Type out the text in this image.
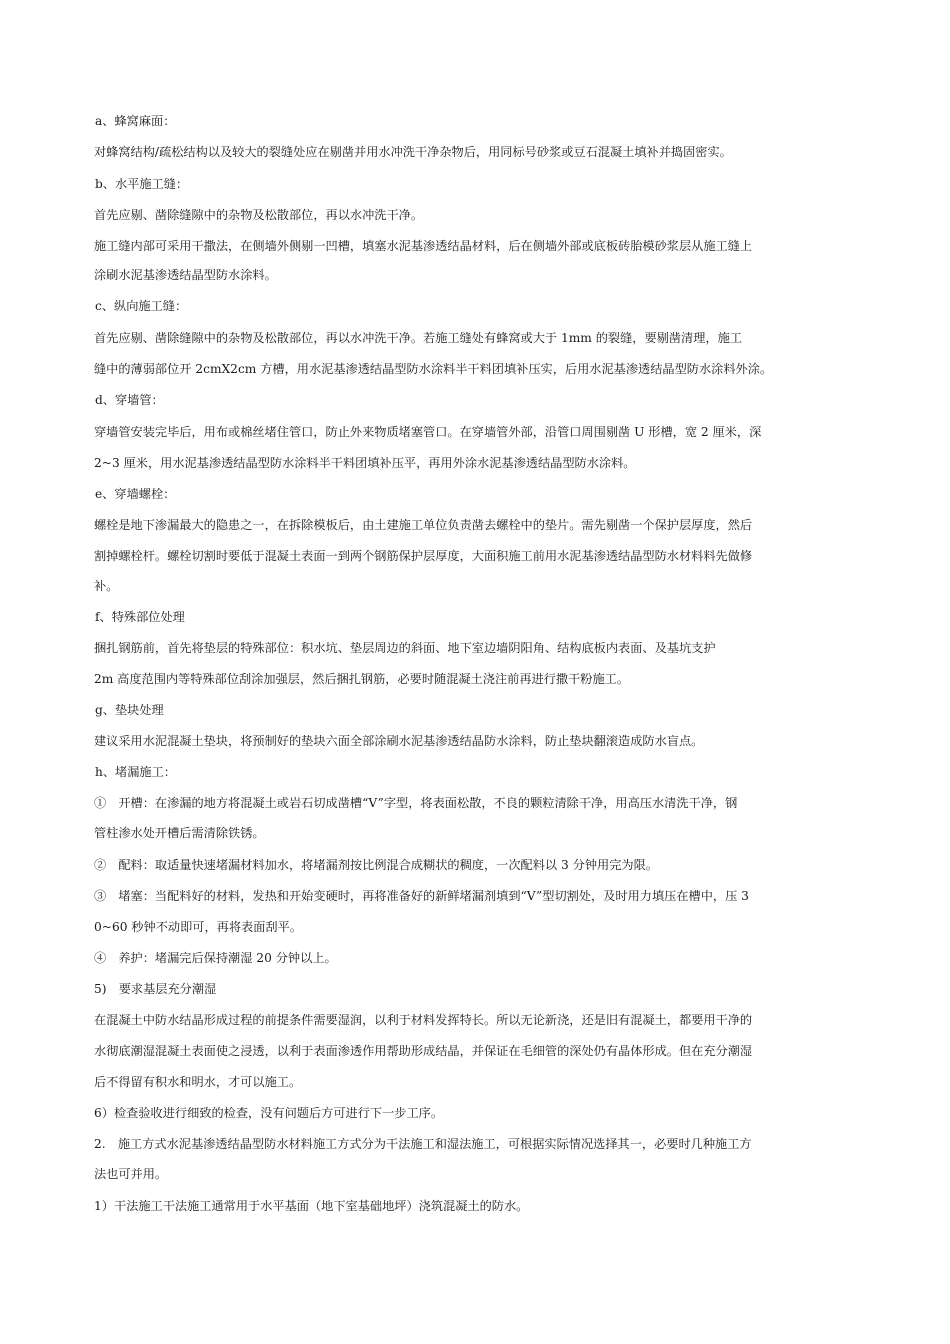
a、蜂窝麻面：
对蜂窝结构/疏松结构以及较大的裂缝处应在剔凿并用水冲洗干净杂物后，用同标号砂浆或豆石混凝土填补并捣固密实。
b、水平施工缝：
首先应剔、凿除缝隙中的杂物及松散部位，再以水冲洗干净。
施工缝内部可采用干撒法，在侧墙外侧剔一凹槽，填塞水泥基渗透结晶材料，后在侧墙外部或底板砖胎模砂浆层从施工缝上
涂刷水泥基渗透结晶型防水涂料。
c、纵向施工缝：
首先应剔、凿除缝隙中的杂物及松散部位，再以水冲洗干净。若施工缝处有蜂窝或大于 1mm 的裂缝，要剔凿清理，施工
缝中的薄弱部位开 2cmX2cm 方槽，用水泥基渗透结晶型防水涂料半干料团填补压实，后用水泥基渗透结晶型防水涂料外涂。
d、穿墙管：
穿墙管安装完毕后，用布或棉丝堵住管口，防止外来物质堵塞管口。在穿墙管外部，沿管口周围剔凿 U 形槽，宽 2 厘米，深
2~3 厘米，用水泥基渗透结晶型防水涂料半干料团填补压平，再用外涂水泥基渗透结晶型防水涂料。
e、穿墙螺栓：
螺栓是地下渗漏最大的隐患之一，在拆除模板后，由土建施工单位负责凿去螺栓中的垫片。需先剔凿一个保护层厚度，然后
割掉螺栓杆。螺栓切割时要低于混凝土表面一到两个钢筋保护层厚度，大面积施工前用水泥基渗透结晶型防水材料料先做修
补。
f、特殊部位处理
捆扎钢筋前，首先将垫层的特殊部位：积水坑、垫层周边的斜面、地下室边墙阴阳角、结构底板内表面、及基坑支护
2m 高度范围内等特殊部位刮涂加强层，然后捆扎钢筋，必要时随混凝土浇注前再进行撒干粉施工。
g、垫块处理
建议采用水泥混凝土垫块，将预制好的垫块六面全部涂刷水泥基渗透结晶防水涂料，防止垫块翻滚造成防水盲点。
h、堵漏施工：
①　开槽：在渗漏的地方将混凝土或岩石切成凿槽“V”字型，将表面松散，不良的颗粒清除干净，用高压水清洗干净，钢
管柱渗水处开槽后需清除铁锈。
②　配料：取适量快速堵漏材料加水，将堵漏剂按比例混合成糊状的稠度，一次配料以 3 分钟用完为限。
③　堵塞：当配料好的材料，发热和开始变硬时，再将准备好的新鲜堵漏剂填到“V”型切割处，及时用力填压在槽中，压 3
0~60 秒钟不动即可，再将表面刮平。
④　养护：堵漏完后保持潮湿 20 分钟以上。
5)　要求基层充分潮湿
在混凝土中防水结晶形成过程的前提条件需要湿润，以利于材料发挥特长。所以无论新浇，还是旧有混凝土，都要用干净的
水彻底潮湿混凝土表面使之浸透，以利于表面渗透作用帮助形成结晶，并保证在毛细管的深处仍有晶体形成。但在充分潮湿
后不得留有积水和明水，才可以施工。
6）检查验收进行细致的检查，没有问题后方可进行下一步工序。
2.　施工方式水泥基渗透结晶型防水材料施工方式分为干法施工和湿法施工，可根据实际情况选择其一，必要时几种施工方
法也可并用。
1）干法施工干法施工通常用于水平基面（地下室基础地坪）浇筑混凝土的防水。
